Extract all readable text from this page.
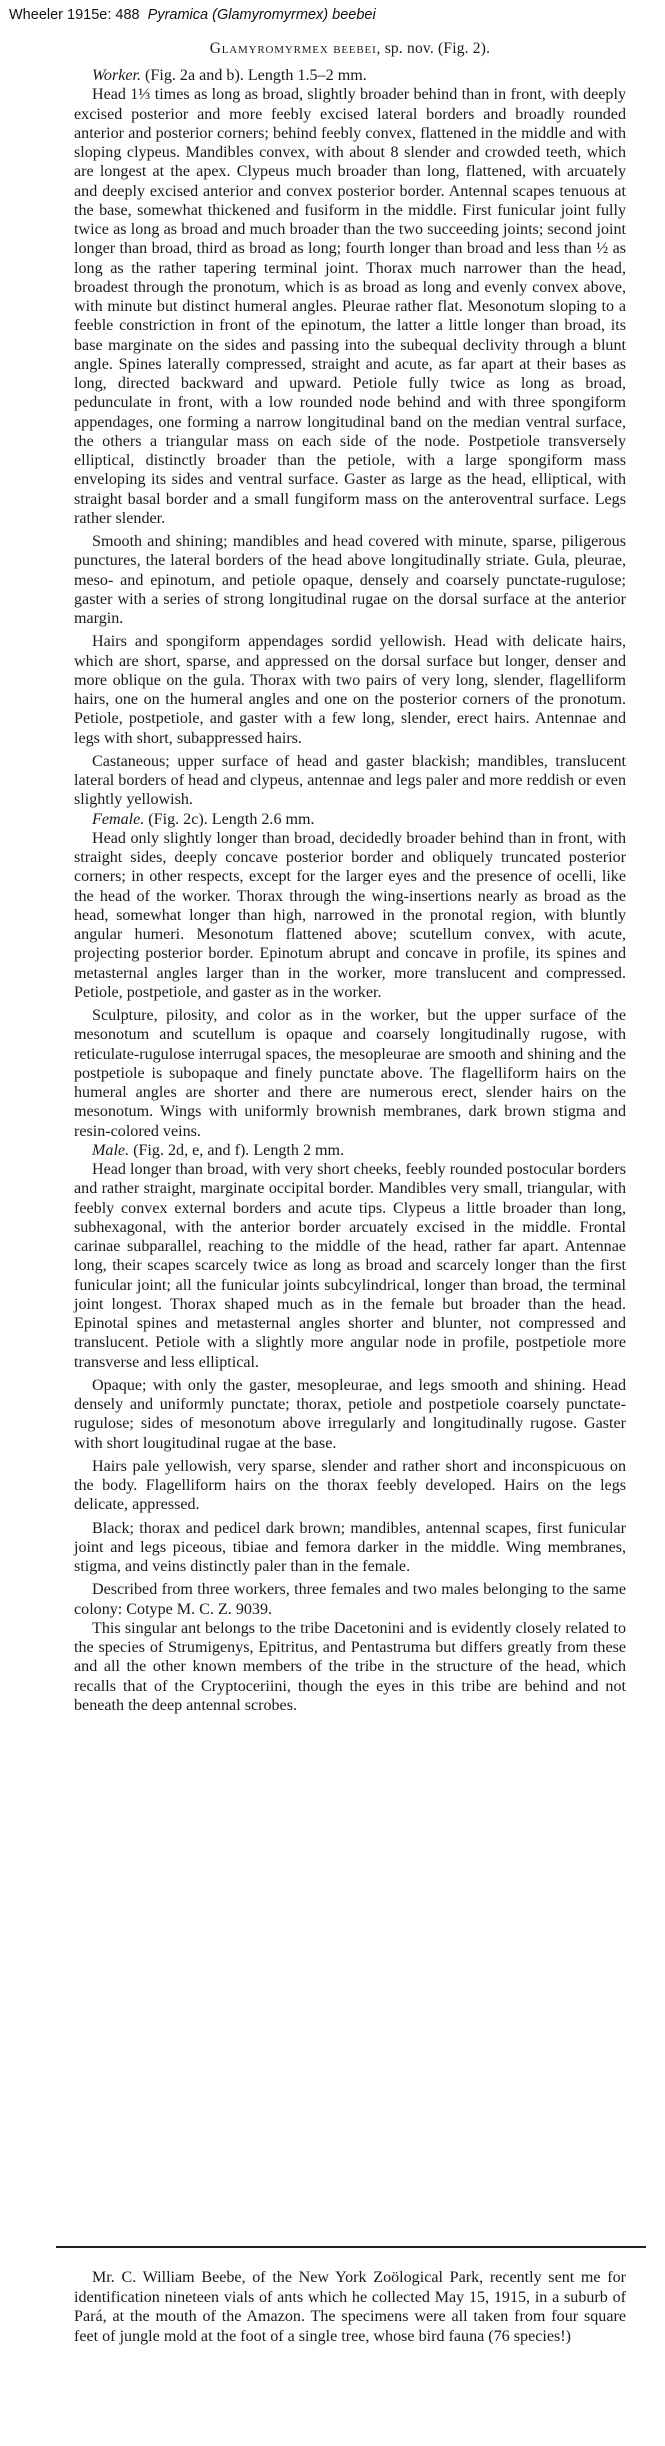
Wheeler 1915e: 488 Pyramica (Glamyromyrmex) beebei
Glamyromyrmex beebei, sp. nov. (Fig. 2).

Worker. (Fig. 2a and b). Length 1.5–2 mm.

Head 1⅓ times as long as broad, slightly broader behind than in front, with deeply excised posterior and more feebly excised lateral borders and broadly rounded anterior and posterior corners; behind feebly convex, flattened in the middle and with sloping clypeus. Mandibles convex, with about 8 slender and crowded teeth, which are longest at the apex. Clypeus much broader than long, flattened, with arcuately and deeply excised anterior and convex posterior border. Antennal scapes tenuous at the base, somewhat thickened and fusiform in the middle. First funicular joint fully twice as long as broad and much broader than the two succeeding joints; second joint longer than broad, third as broad as long; fourth longer than broad and less than ½ as long as the rather tapering terminal joint. Thorax much narrower than the head, broadest through the pronotum, which is as broad as long and evenly convex above, with minute but distinct humeral angles. Pleurae rather flat. Mesonotum sloping to a feeble constriction in front of the epinotum, the latter a little longer than broad, its base marginate on the sides and passing into the subequal declivity through a blunt angle. Spines laterally compressed, straight and acute, as far apart at their bases as long, directed backward and upward. Petiole fully twice as long as broad, pedunculate in front, with a low rounded node behind and with three spongiform appendages, one forming a narrow longitudinal band on the median ventral surface, the others a triangular mass on each side of the node. Postpetiole transversely elliptical, distinctly broader than the petiole, with a large spongiform mass enveloping its sides and ventral surface. Gaster as large as the head, elliptical, with straight basal border and a small fungiform mass on the anteroventral surface. Legs rather slender.

Smooth and shining; mandibles and head covered with minute, sparse, piligerous punctures, the lateral borders of the head above longitudinally striate. Gula, pleurae, meso- and epinotum, and petiole opaque, densely and coarsely punctate-rugulose; gaster with a series of strong longitudinal rugae on the dorsal surface at the anterior margin.

Hairs and spongiform appendages sordid yellowish. Head with delicate hairs, which are short, sparse, and appressed on the dorsal surface but longer, denser and more oblique on the gula. Thorax with two pairs of very long, slender, flagelliform hairs, one on the humeral angles and one on the posterior corners of the pronotum. Petiole, postpetiole, and gaster with a few long, slender, erect hairs. Antennae and legs with short, subappressed hairs.

Castaneous; upper surface of head and gaster blackish; mandibles, translucent lateral borders of head and clypeus, antennae and legs paler and more reddish or even slightly yellowish.

Female. (Fig. 2c). Length 2.6 mm.

Head only slightly longer than broad, decidedly broader behind than in front, with straight sides, deeply concave posterior border and obliquely truncated posterior corners; in other respects, except for the larger eyes and the presence of ocelli, like the head of the worker. Thorax through the wing-insertions nearly as broad as the head, somewhat longer than high, narrowed in the pronotal region, with bluntly angular humeri. Mesonotum flattened above; scutellum convex, with acute, projecting posterior border. Epinotum abrupt and concave in profile, its spines and metasternal angles larger than in the worker, more translucent and compressed. Petiole, postpetiole, and gaster as in the worker.

Sculpture, pilosity, and color as in the worker, but the upper surface of the mesonotum and scutellum is opaque and coarsely longitudinally rugose, with reticulate-rugulose interrugal spaces, the mesopleurae are smooth and shining and the postpetiole is subopaque and finely punctate above. The flagelliform hairs on the humeral angles are shorter and there are numerous erect, slender hairs on the mesonotum. Wings with uniformly brownish membranes, dark brown stigma and resin-colored veins.

Male. (Fig. 2d, e, and f). Length 2 mm.

Head longer than broad, with very short cheeks, feebly rounded postocular borders and rather straight, marginate occipital border. Mandibles very small, triangular, with feebly convex external borders and acute tips. Clypeus a little broader than long, subhexagonal, with the anterior border arcuately excised in the middle. Frontal carinae subparallel, reaching to the middle of the head, rather far apart. Antennae long, their scapes scarcely twice as long as broad and scarcely longer than the first funicular joint; all the funicular joints subcylindrical, longer than broad, the terminal joint longest. Thorax shaped much as in the female but broader than the head. Epinotal spines and metasternal angles shorter and blunter, not compressed and translucent. Petiole with a slightly more angular node in profile, postpetiole more transverse and less elliptical.

Opaque; with only the gaster, mesopleurae, and legs smooth and shining. Head densely and uniformly punctate; thorax, petiole and postpetiole coarsely punctate-rugulose; sides of mesonotum above irregularly and longitudinally rugose. Gaster with short lougitudinal rugae at the base.

Hairs pale yellowish, very sparse, slender and rather short and inconspicuous on the body. Flagelliform hairs on the thorax feebly developed. Hairs on the legs delicate, appressed.

Black; thorax and pedicel dark brown; mandibles, antennal scapes, first funicular joint and legs piceous, tibiae and femora darker in the middle. Wing membranes, stigma, and veins distinctly paler than in the female.

Described from three workers, three females and two males belonging to the same colony: Cotype M. C. Z. 9039.

This singular ant belongs to the tribe Dacetonini and is evidently closely related to the species of Strumigenys, Epitritus, and Pentastruma but differs greatly from these and all the other known members of the tribe in the structure of the head, which recalls that of the Cryptoceriini, though the eyes in this tribe are behind and not beneath the deep antennal scrobes.

Mr. C. William Beebe, of the New York Zoölogical Park, recently sent me for identification nineteen vials of ants which he collected May 15, 1915, in a suburb of Pará, at the mouth of the Amazon. The specimens were all taken from four square feet of jungle mold at the foot of a single tree, whose bird fauna (76 species!)
